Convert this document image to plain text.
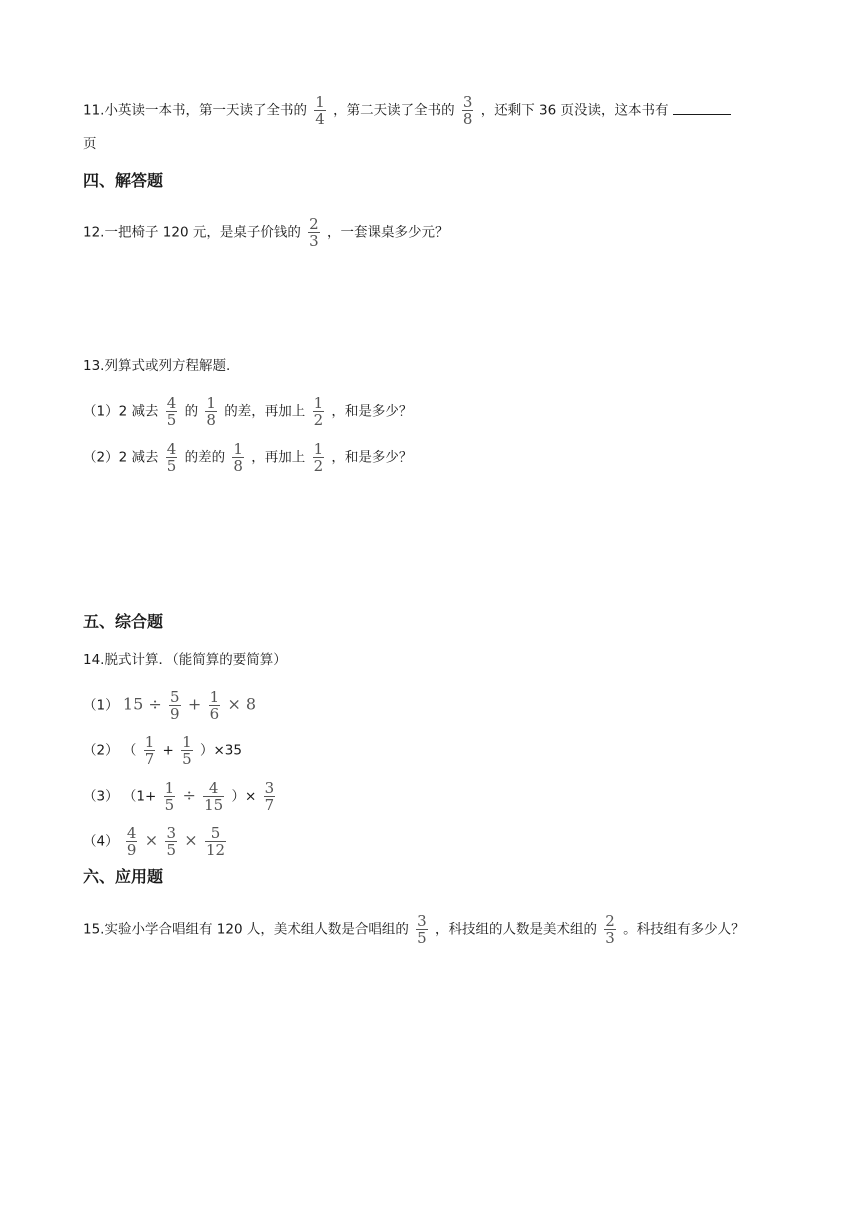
11.小英读一本书，第一天读了全书的 $\frac{1}{4}$ ，第二天读了全书的 $\frac{3}{8}$ ，还剩下 36 页没读，这本书有
页
四、解答题
12.一把椅子 120 元，是桌子价钱的 $\frac{2}{3}$ ，一套课桌多少元？
13.列算式或列方程解题.
（1）2 减去 $\frac{4}{5}$ 的 $\frac{1}{8}$ 的差，再加上 $\frac{1}{2}$ ，和是多少？
（2）2 减去 $\frac{4}{5}$ 的差的 $\frac{1}{8}$ ，再加上 $\frac{1}{2}$ ，和是多少？
五、综合题
14.脱式计算．（能简算的要简算）
（1） $15 \div \frac{5}{9} + \frac{1}{6} \times 8$
（2） （ $\frac{1}{7} + \frac{1}{5} )\times 35$
（3） （$1+ \frac{1}{5} \div \frac{4}{15}$ ）× $\frac{3}{7}$
$(4) \frac{4}{9} \times \frac{3}{5} \times \frac{5}{12}$
六、应用题
15.实验小学合唱组有 120 人，美术组人数是合唱组的 $\frac{3}{5}$ ，科技组的人数是美术组的 $\frac{2}{3}$ 。科技组有多少人？
